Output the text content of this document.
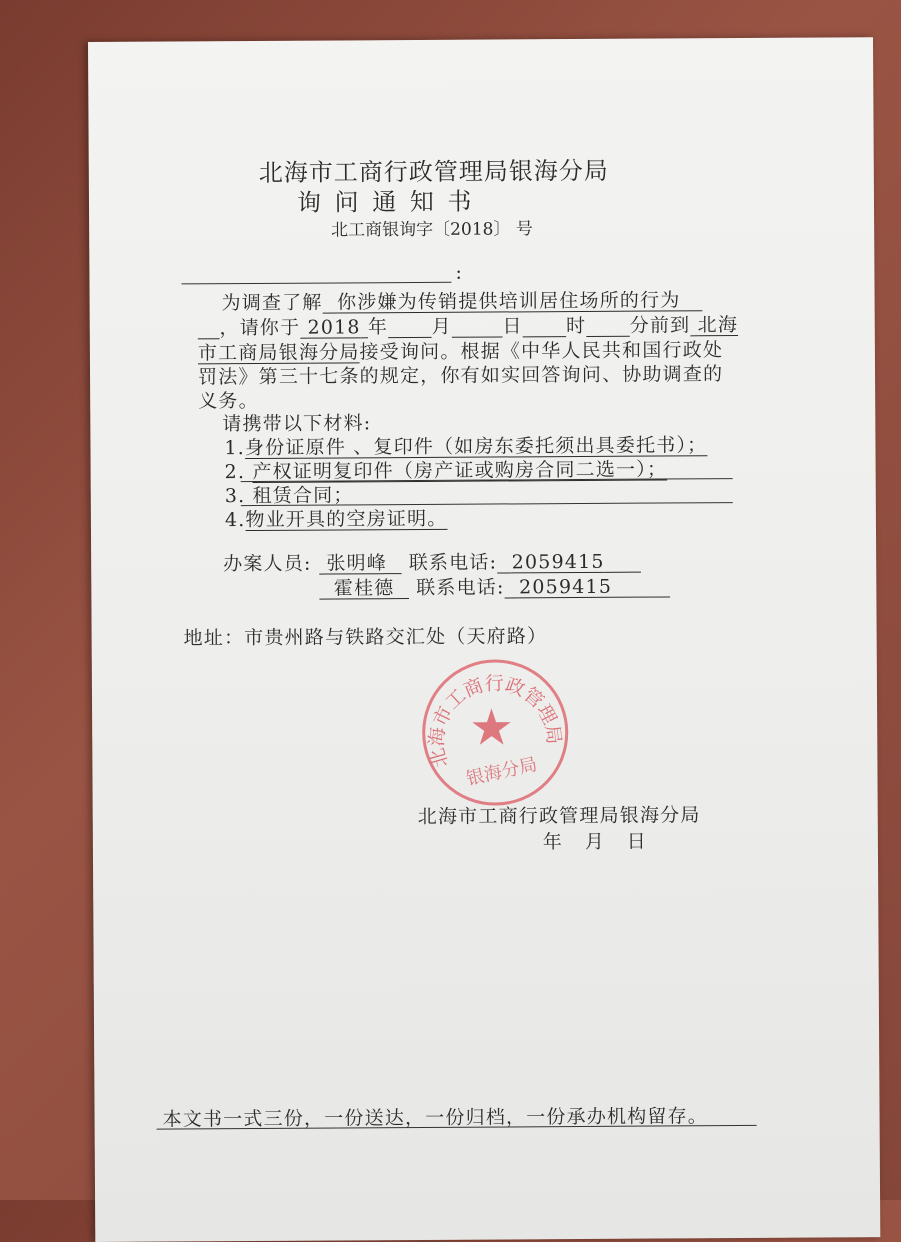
北海市工商行政管理局银海分局
询 问 通 知 书
北工商银询字〔2018〕 号
:
为调查了解 你涉嫌为传销提供培训居住场所的行为
，请你于 2018 年 月	日 时 分前到 北海
市工商局银海分局接受询问。根据《中华人民共和国行政处
罚法》第三十七条的规定，你有如实回答询问、协助调查的
义务。
请携带以下材料:
1.身份证原件 、复印件（如房东委托须出具委托书）；
2. 产权证明复印件（房产证或购房合同二选一）；
3. 租赁合同；
4.物业开具的空房证明。
办案人员: 张明峰 联系电话: 2059415
霍桂德 联系电话: 2059415
地址：市贵州路与铁路交汇处（天府路）
北海市工商行政管理局
★
银海分局
北海市工商行政管理局银海分局
年   月   日
本文书一式三份，一份送达，一份归档，一份承办机构留存。
